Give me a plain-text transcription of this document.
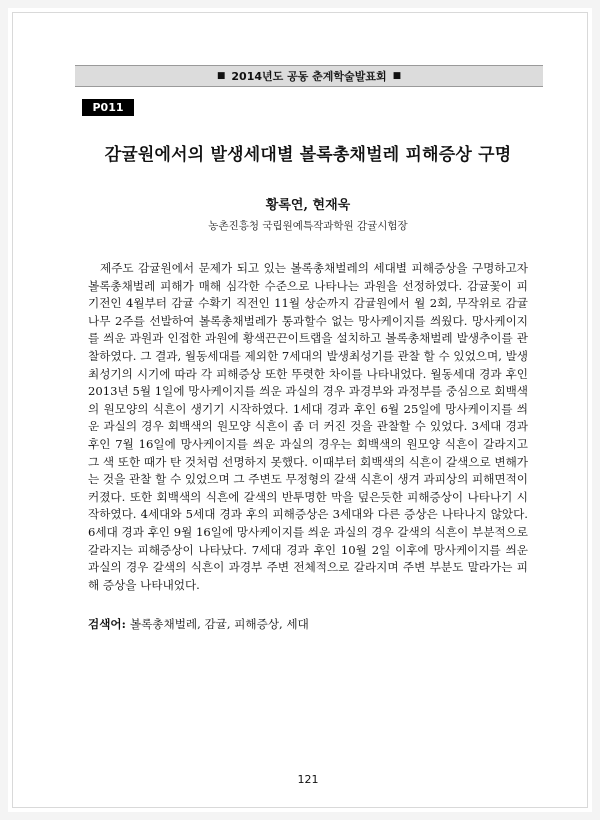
■ 2014년도 공동 춘계학술발표회 ■
P011
감귤원에서의 발생세대별 볼록총채벌레 피해증상 구명
황록연, 현재욱
농촌진흥청 국립원예특작과학원 감귤시험장

제주도 감귤원에서 문제가 되고 있는 볼록총채벌레의 세대별 피해증상을 구명하고자 볼록총채벌레 피해가 매해 심각한 수준으로 나타나는 과원을 선정하였다. 감귤꽃이 피기전인 4월부터 감귤 수확기 직전인 11월 상순까지 감귤원에서 월 2회, 무작위로 감귤나무 2주를 선발하여 볼록총채벌레가 통과할수 없는 망사케이지를 씌웠다. 망사케이지를 씌운 과원과 인접한 과원에 황색끈끈이트랩을 설치하고 볼록총채벌레 발생추이를 관찰하였다. 그 결과, 월동세대를 제외한 7세대의 발생최성기를 관찰 할 수 있었으며, 발생최성기의 시기에 따라 각 피해증상 또한 뚜렷한 차이를 나타내었다. 월동세대 경과 후인 2013년 5월 1일에 망사케이지를 씌운 과실의 경우 과경부와 과정부를 중심으로 회백색의 원모양의 식흔이 생기기 시작하였다. 1세대 경과 후인 6월 25일에 망사케이지를 씌운 과실의 경우 회백색의 원모양 식흔이 좀 더 커진 것을 관찰할 수 있었다. 3세대 경과 후인 7월 16일에 망사케이지를 씌운 과실의 경우는 회백색의 원모양 식흔이 갈라지고 그 색 또한 때가 탄 것처럼 선명하지 못했다. 이때부터 회백색의 식흔이 갈색으로 변해가는 것을 관찰 할 수 있었으며 그 주변도 무정형의 갈색 식흔이 생겨 과피상의 피해면적이 커졌다. 또한 회백색의 식흔에 갈색의 반투명한 막을 덮은듯한 피해증상이 나타나기 시작하였다. 4세대와 5세대 경과 후의 피해증상은 3세대와 다른 증상은 나타나지 않았다. 6세대 경과 후인 9월 16일에 망사케이지를 씌운 과실의 경우 갈색의 식흔이 부분적으로 갈라지는 피해증상이 나타났다. 7세대 경과 후인 10월 2일 이후에 망사케이지를 씌운 과실의 경우 갈색의 식흔이 과경부 주변 전체적으로 갈라지며 주변 부분도 말라가는 피해 증상을 나타내었다.

검색어: 볼록총채벌레, 감귤, 피해증상, 세대
121
